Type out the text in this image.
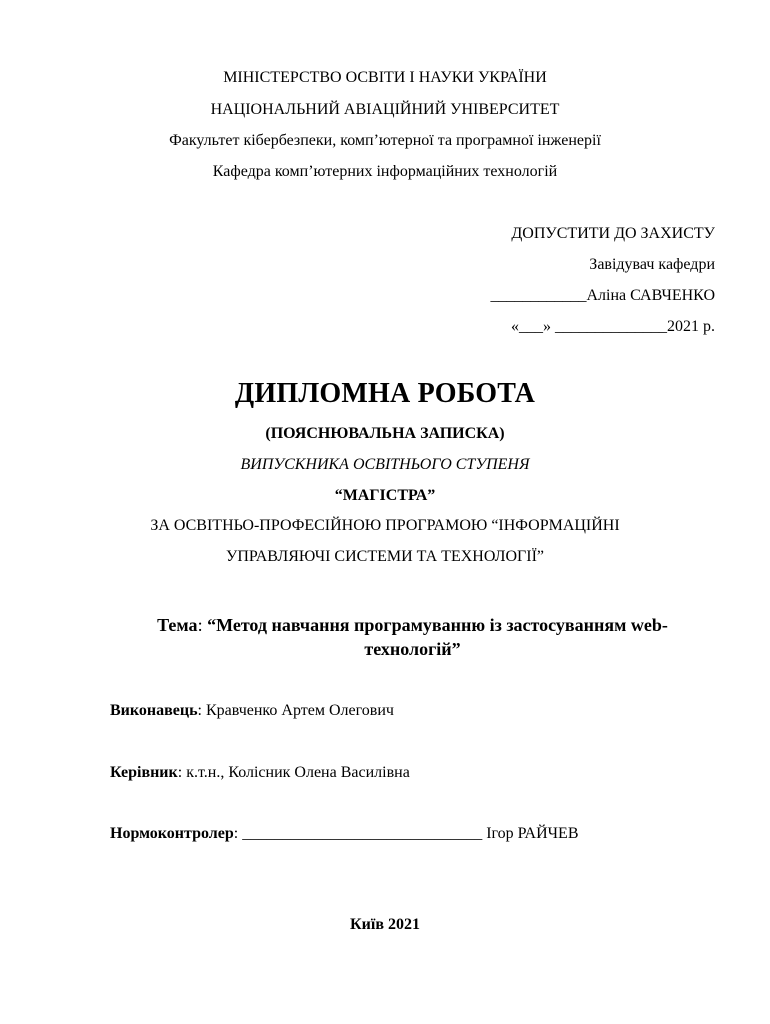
МІНІСТЕРСТВО ОСВІТИ І НАУКИ УКРАЇНИ
НАЦІОНАЛЬНИЙ АВІАЦІЙНИЙ УНІВЕРСИТЕТ
Факультет кібербезпеки, комп’ютерної та програмної інженерії
Кафедра комп’ютерних інформаційних технологій
ДОПУСТИТИ ДО ЗАХИСТУ
Завідувач кафедри
____________Аліна САВЧЕНКО
«___» ______________2021 р.
ДИПЛОМНА РОБОТА
(ПОЯСНЮВАЛЬНА ЗАПИСКА)
ВИПУСКНИКА ОСВІТНЬОГО СТУПЕНЯ
“МАГІСТРА”
ЗА ОСВІТНЬО-ПРОФЕСІЙНОЮ ПРОГРАМОЮ “ІНФОРМАЦІЙНІ
УПРАВЛЯЮЧІ СИСТЕМИ ТА ТЕХНОЛОГІЇ”
Тема: “Метод навчання програмуванню із застосуванням web-
технологій”
Виконавець: Кравченко Артем Олегович
Керівник: к.т.н., Колісник Олена Василівна
Нормоконтролер: ______________________________ Ігор РАЙЧЕВ
Київ 2021
